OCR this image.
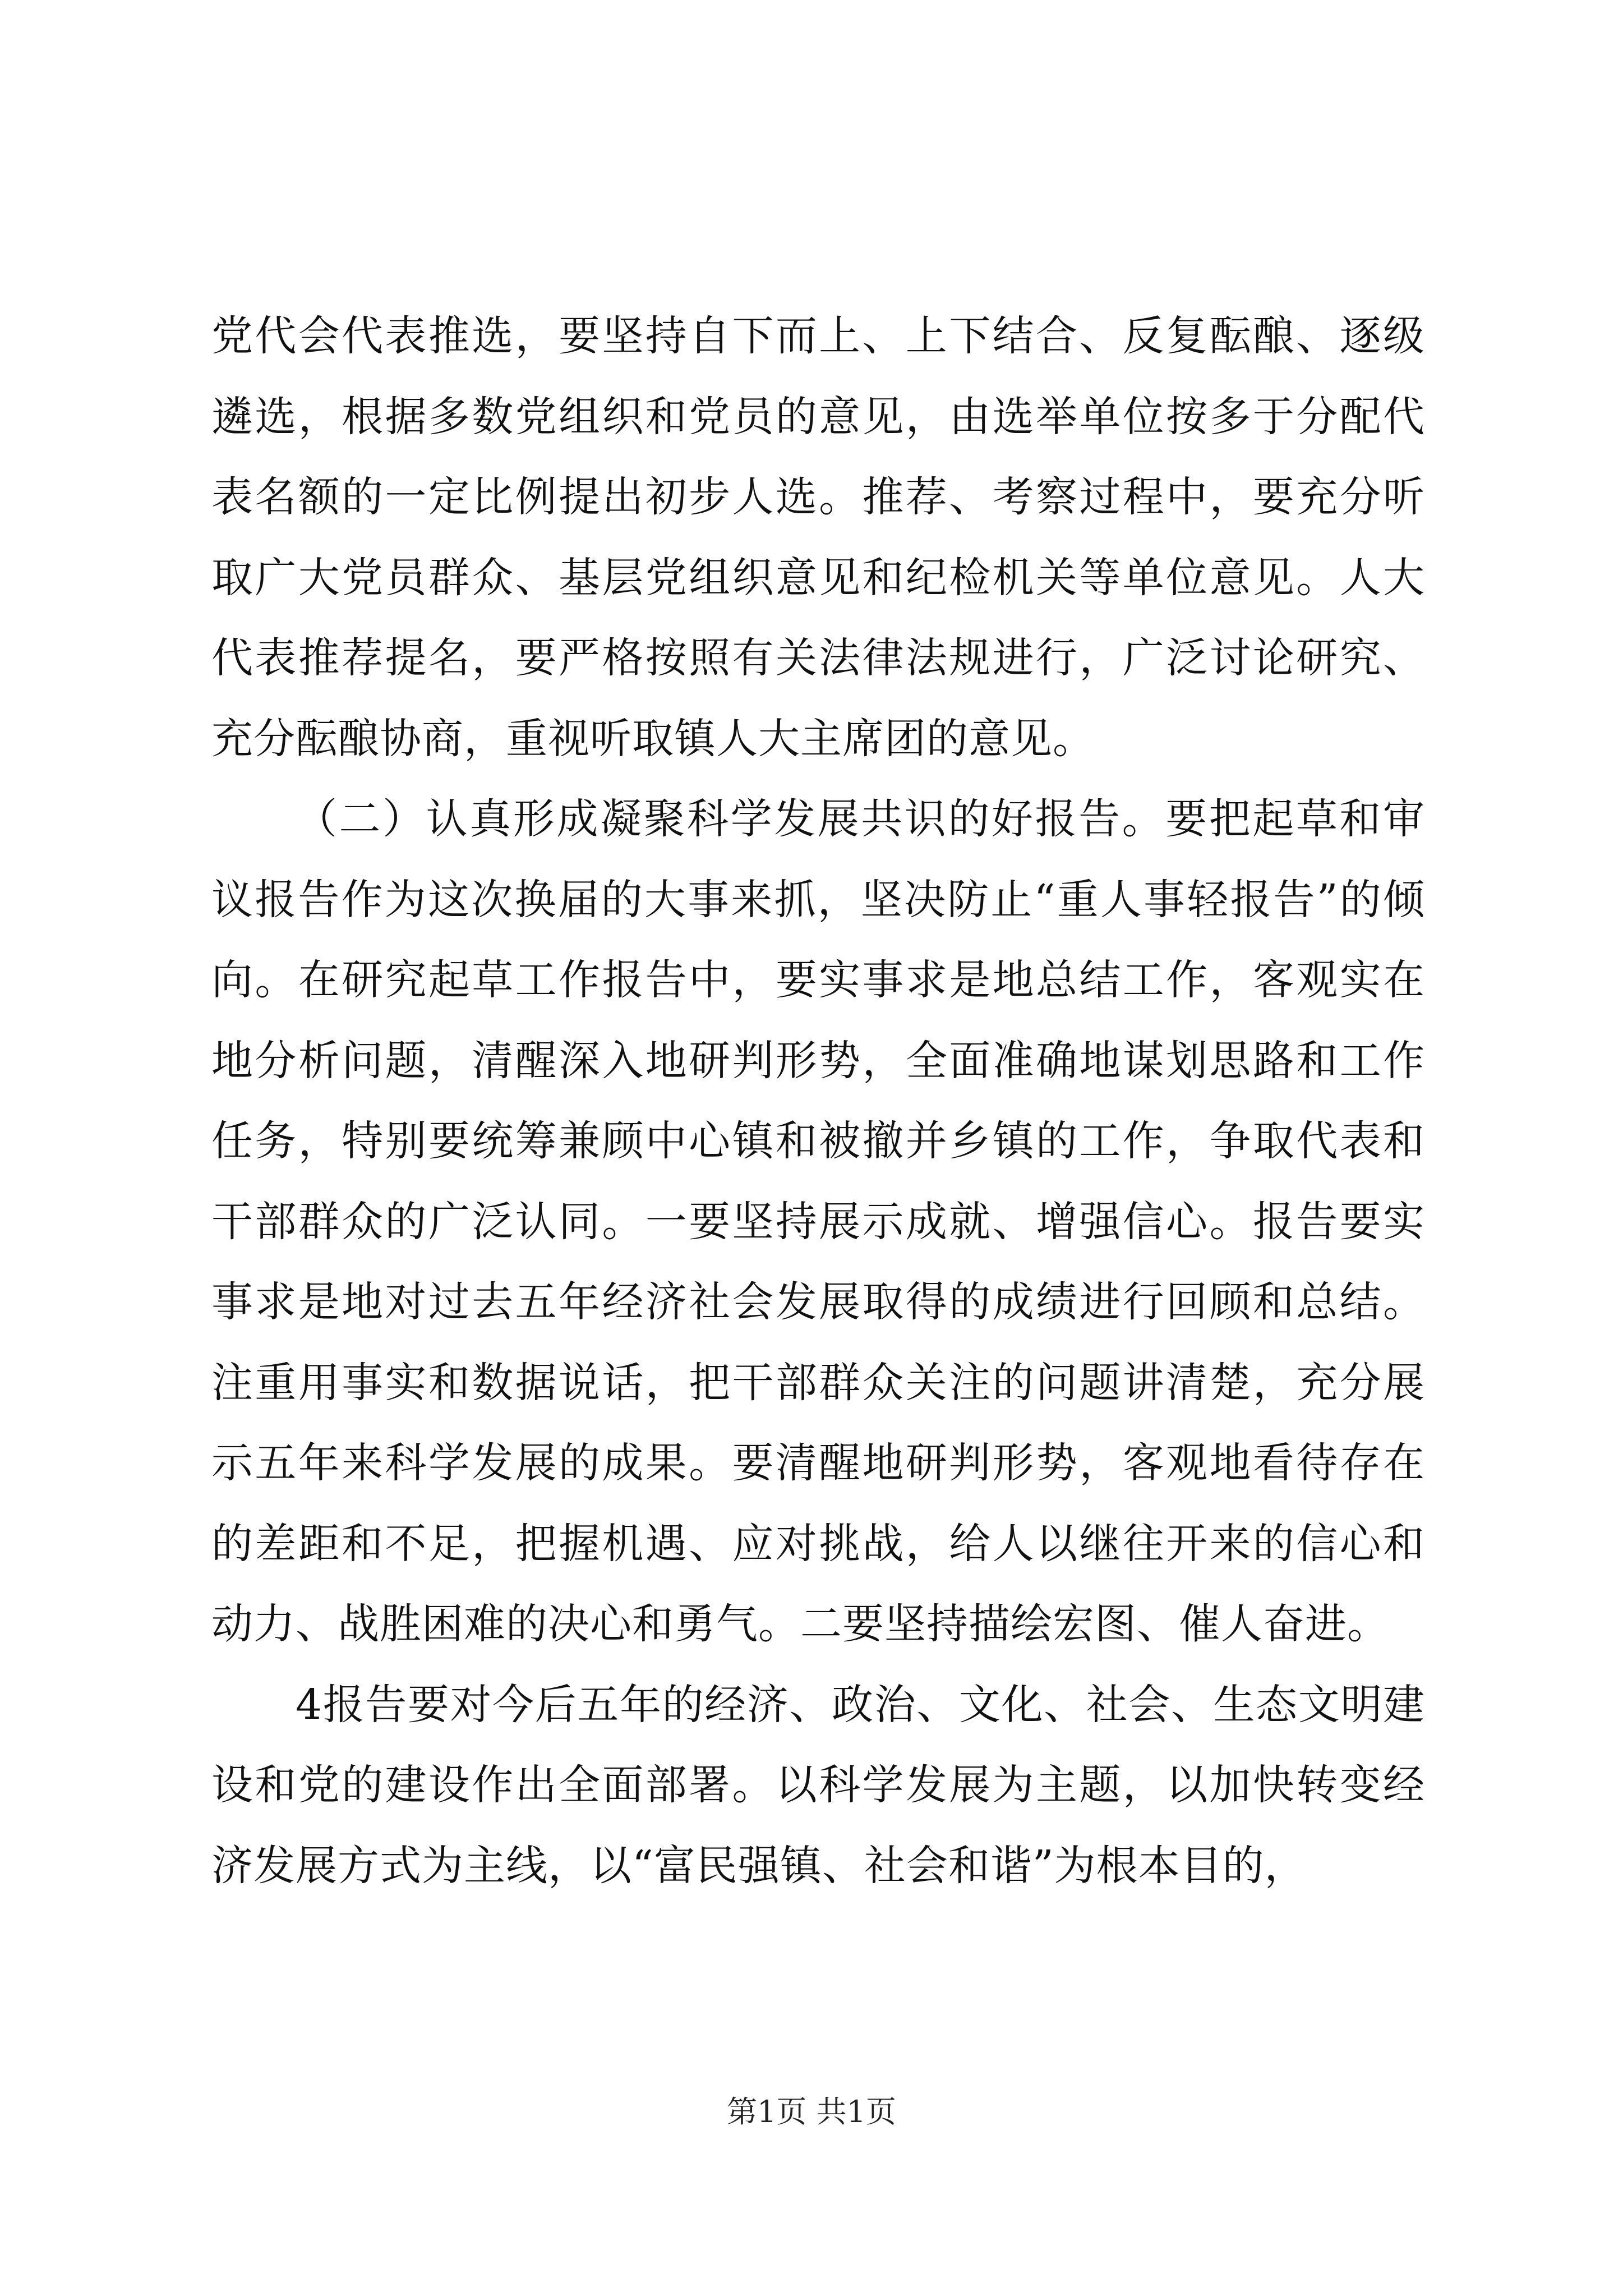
党代会代表推选，要坚持自下而上、上下结合、反复酝酿、逐级遴选，根据多数党组织和党员的意见，由选举单位按多于分配代表名额的一定比例提出初步人选。推荐、考察过程中，要充分听取广大党员群众、基层党组织意见和纪检机关等单位意见。人大代表推荐提名，要严格按照有关法律法规进行，广泛讨论研究、充分酝酿协商，重视听取镇人大主席团的意见。

（二）认真形成凝聚科学发展共识的好报告。要把起草和审议报告作为这次换届的大事来抓，坚决防止“重人事轻报告”的倾向。在研究起草工作报告中，要实事求是地总结工作，客观实在地分析问题，清醒深入地研判形势，全面准确地谋划思路和工作任务，特别要统筹兼顾中心镇和被撤并乡镇的工作，争取代表和干部群众的广泛认同。一要坚持展示成就、增强信心。报告要实事求是地对过去五年经济社会发展取得的成绩进行回顾和总结。注重用事实和数据说话，把干部群众关注的问题讲清楚，充分展示五年来科学发展的成果。要清醒地研判形势，客观地看待存在的差距和不足，把握机遇、应对挑战，给人以继往开来的信心和动力、战胜困难的决心和勇气。二要坚持描绘宏图、催人奋进。

4报告要对今后五年的经济、政治、文化、社会、生态文明建设和党的建设作出全面部署。以科学发展为主题，以加快转变经济发展方式为主线，以“富民强镇、社会和谐”为根本目的，

第1页 共1页
